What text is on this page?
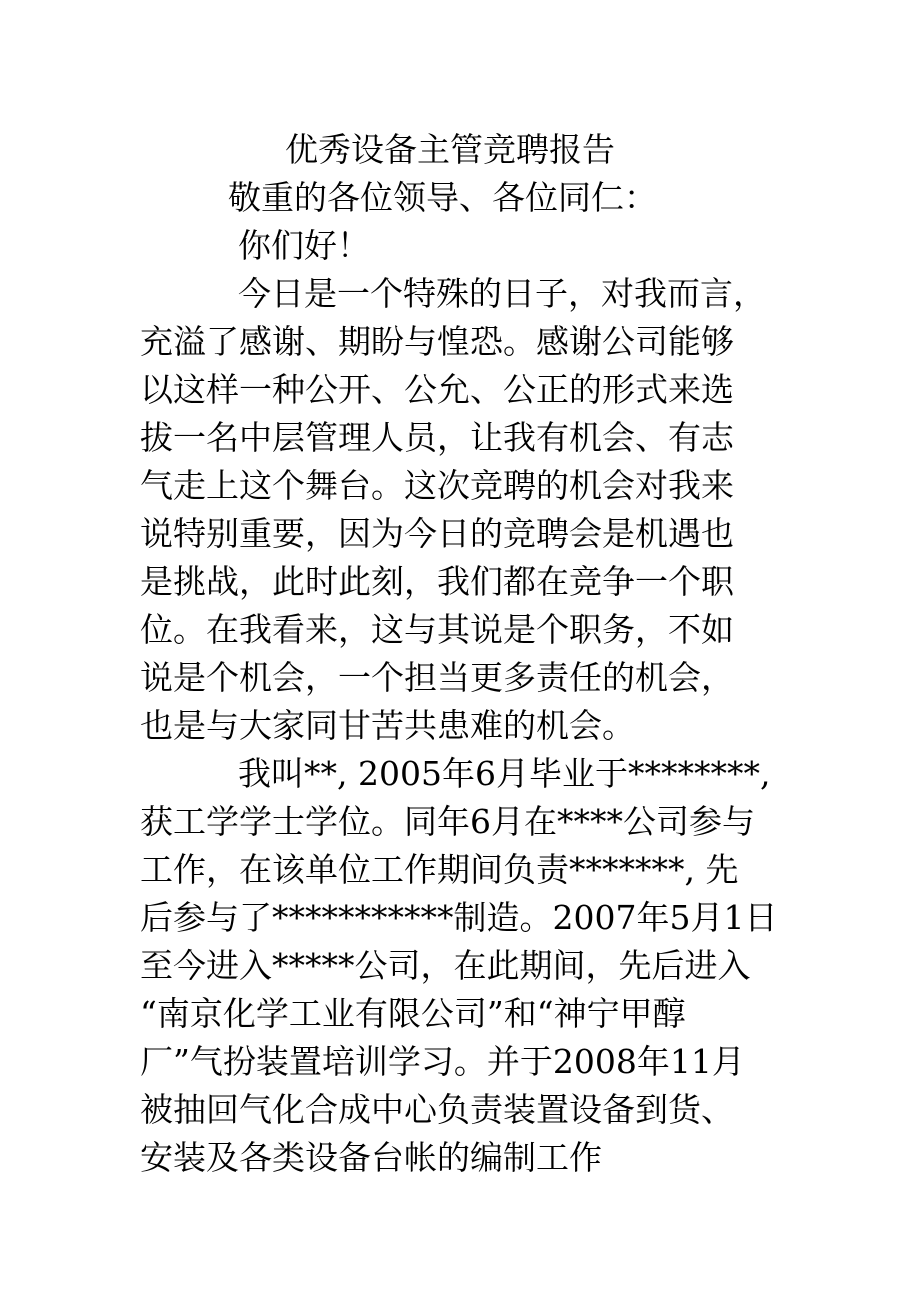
优秀设备主管竞聘报告
敬重的各位领导、各位同仁：
你们好！
今日是一个特殊的日子，对我而言，
充溢了感谢、期盼与惶恐。感谢公司能够
以这样一种公开、公允、公正的形式来选
拔一名中层管理人员，让我有机会、有志
气走上这个舞台。这次竞聘的机会对我来
说特别重要，因为今日的竞聘会是机遇也
是挑战，此时此刻，我们都在竞争一个职
位。在我看来，这与其说是个职务，不如
说是个机会，一个担当更多责任的机会，
也是与大家同甘苦共患难的机会。
我叫**, 2005年6月毕业于********,
获工学学士学位。同年6月在****公司参与
工作，在该单位工作期间负责*******, 先
后参与了***********制造。2007年5月1日
至今进入*****公司，在此期间，先后进入
“南京化学工业有限公司”和“神宁甲醇
厂”气扮装置培训学习。并于2008年11月
被抽回气化合成中心负责装置设备到货、
安装及各类设备台帐的编制工作
